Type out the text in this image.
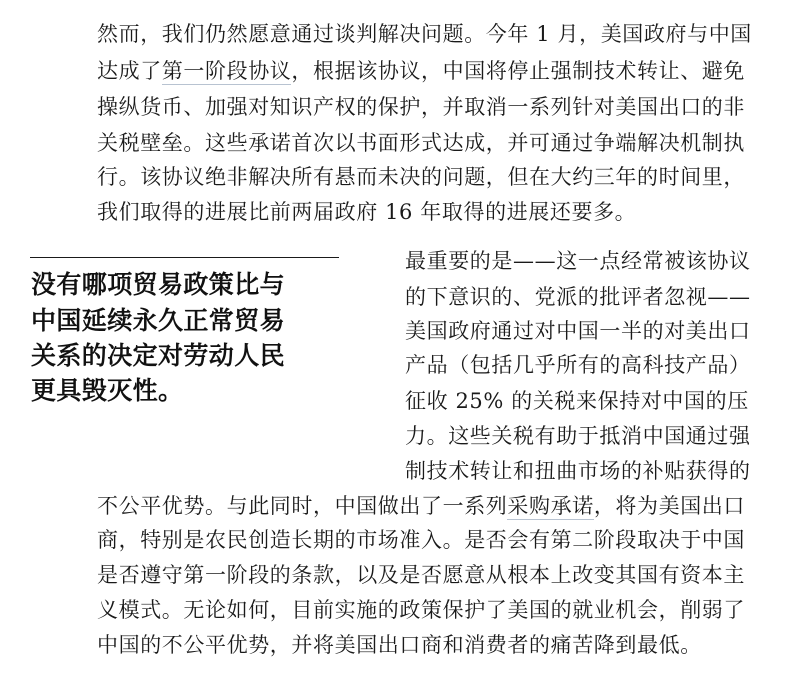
然而，我们仍然愿意通过谈判解决问题。今年 1 月，美国政府与中国
达成了第一阶段协议，根据该协议，中国将停止强制技术转让、避免
操纵货币、加强对知识产权的保护，并取消一系列针对美国出口的非
关税壁垒。这些承诺首次以书面形式达成，并可通过争端解决机制执
行。该协议绝非解决所有悬而未决的问题，但在大约三年的时间里，
我们取得的进展比前两届政府 16 年取得的进展还要多。
没有哪项贸易政策比与
中国延续永久正常贸易
关系的决定对劳动人民
更具毁灭性。
最重要的是——这一点经常被该协议
的下意识的、党派的批评者忽视——
美国政府通过对中国一半的对美出口
产品（包括几乎所有的高科技产品）
征收 25% 的关税来保持对中国的压
力。这些关税有助于抵消中国通过强
制技术转让和扭曲市场的补贴获得的
不公平优势。与此同时，中国做出了一系列采购承诺，将为美国出口
商，特别是农民创造长期的市场准入。是否会有第二阶段取决于中国
是否遵守第一阶段的条款，以及是否愿意从根本上改变其国有资本主
义模式。无论如何，目前实施的政策保护了美国的就业机会，削弱了
中国的不公平优势，并将美国出口商和消费者的痛苦降到最低。
